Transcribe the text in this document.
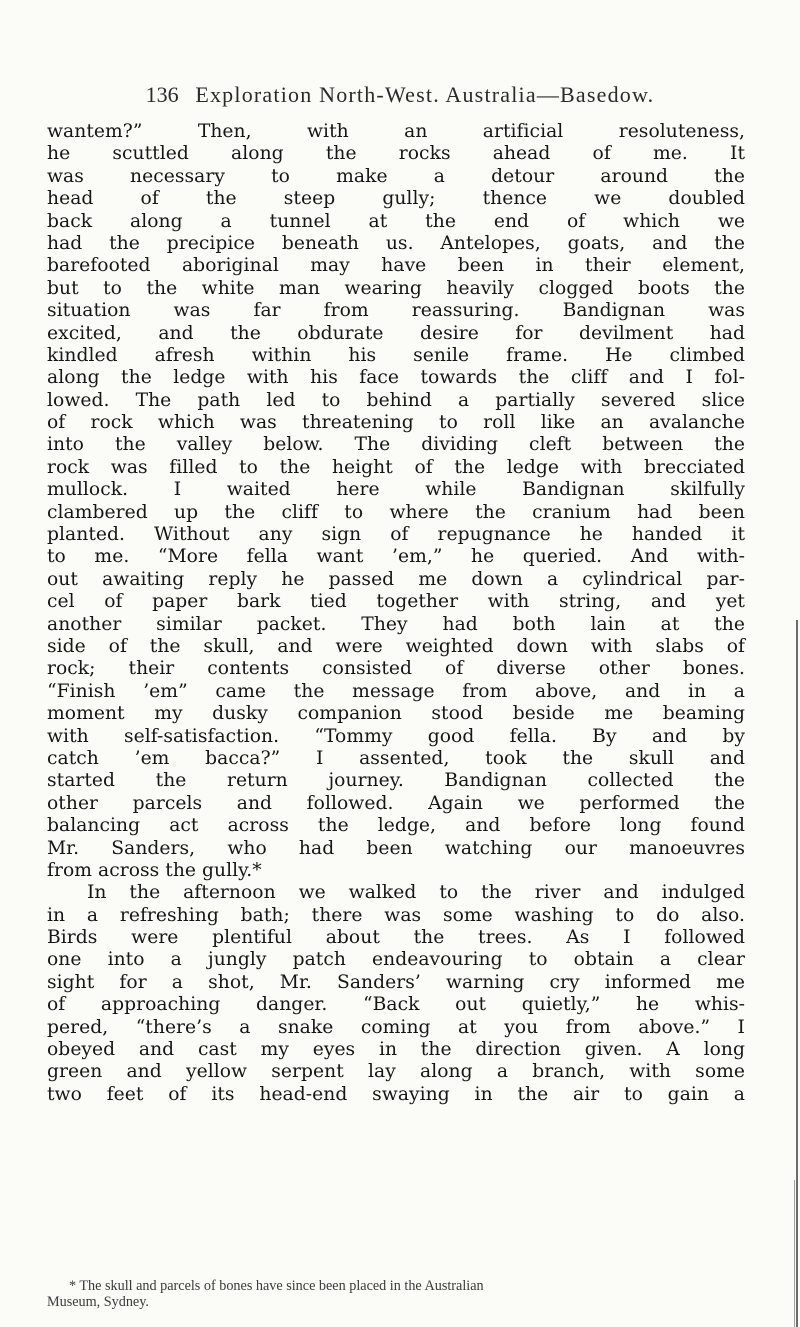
136 Exploration North-West. Australia—Basedow.
wantem?” Then, with an artificial resoluteness,
he scuttled along the rocks ahead of me. It
was necessary to make a detour around the
head of the steep gully; thence we doubled
back along a tunnel at the end of which we
had the precipice beneath us. Antelopes, goats, and the
barefooted aboriginal may have been in their element,
but to the white man wearing heavily clogged boots the
situation was far from reassuring. Bandignan was
excited, and the obdurate desire for devilment had
kindled afresh within his senile frame. He climbed
along the ledge with his face towards the cliff and I fol-
lowed. The path led to behind a partially severed slice
of rock which was threatening to roll like an avalanche
into the valley below. The dividing cleft between the
rock was filled to the height of the ledge with brecciated
mullock. I waited here while Bandignan skilfully
clambered up the cliff to where the cranium had been
planted. Without any sign of repugnance he handed it
to me. “More fella want ’em,” he queried. And with-
out awaiting reply he passed me down a cylindrical par-
cel of paper bark tied together with string, and yet
another similar packet. They had both lain at the
side of the skull, and were weighted down with slabs of
rock; their contents consisted of diverse other bones.
“Finish ’em” came the message from above, and in a
moment my dusky companion stood beside me beaming
with self-satisfaction. “Tommy good fella. By and by
catch ’em bacca?” I assented, took the skull and
started the return journey. Bandignan collected the
other parcels and followed. Again we performed the
balancing act across the ledge, and before long found
Mr. Sanders, who had been watching our manoeuvres
from across the gully.*
In the afternoon we walked to the river and indulged
in a refreshing bath; there was some washing to do also.
Birds were plentiful about the trees. As I followed
one into a jungly patch endeavouring to obtain a clear
sight for a shot, Mr. Sanders’ warning cry informed me
of approaching danger. “Back out quietly,” he whis-
pered, “there’s a snake coming at you from above.” I
obeyed and cast my eyes in the direction given. A long
green and yellow serpent lay along a branch, with some
two feet of its head-end swaying in the air to gain a
* The skull and parcels of bones have since been placed in the Australian
Museum, Sydney.
